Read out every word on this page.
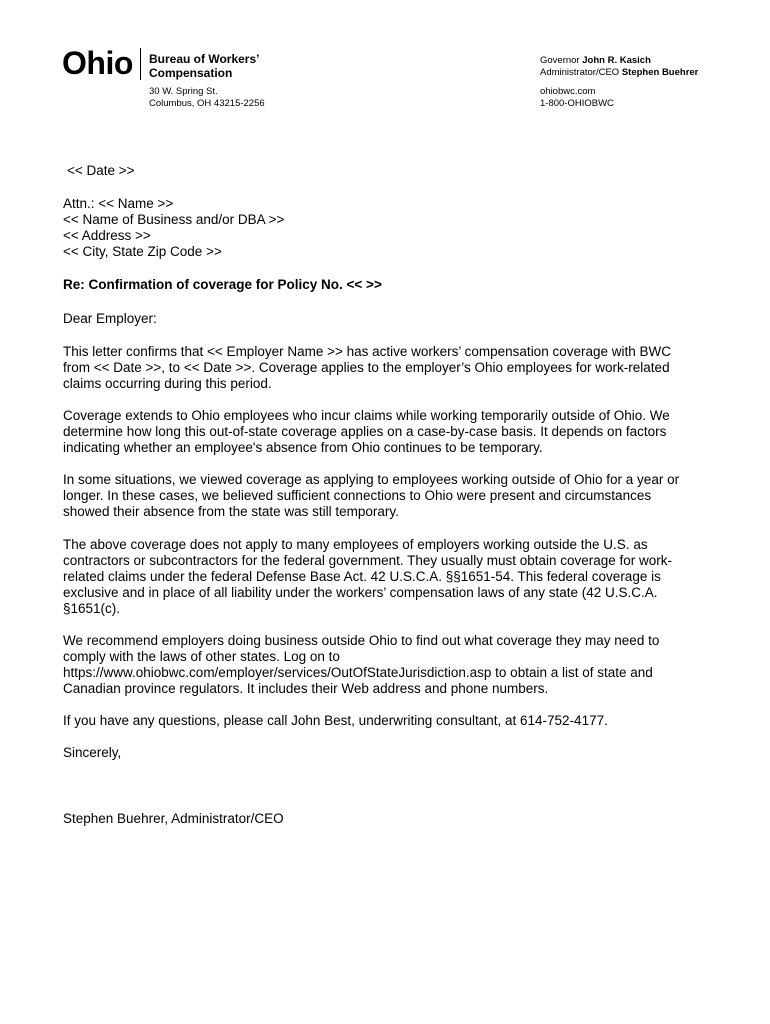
Ohio Bureau of Workers’
Compensation
30 W. Spring St.
Columbus, OH 43215-2256
Governor John R. Kasich
Administrator/CEO Stephen Buehrer
ohiobwc.com
1-800-OHIOBWC

<< Date >>

Attn.: << Name >>

<< Name of Business and/or DBA >>

<< Address >>

<< City, State Zip Code >>

Re: Confirmation of coverage for Policy No. << >>

Dear Employer:

This letter confirms that << Employer Name >> has active workers’ compensation coverage with BWC
from << Date >>, to << Date >>. Coverage applies to the employer’s Ohio employees for work-related
claims occurring during this period.
Coverage extends to Ohio employees who incur claims while working temporarily outside of Ohio. We
determine how long this out-of-state coverage applies on a case-by-case basis. It depends on factors
indicating whether an employee's absence from Ohio continues to be temporary.
In some situations, we viewed coverage as applying to employees working outside of Ohio for a year or
longer. In these cases, we believed sufficient connections to Ohio were present and circumstances
showed their absence from the state was still temporary.
The above coverage does not apply to many employees of employers working outside the U.S. as
contractors or subcontractors for the federal government. They usually must obtain coverage for work-
related claims under the federal Defense Base Act. 42 U.S.C.A. §§1651-54. This federal coverage is
exclusive and in place of all liability under the workers’ compensation laws of any state (42 U.S.C.A.
§1651(c).
We recommend employers doing business outside Ohio to find out what coverage they may need to
comply with the laws of other states. Log on to
https://www.ohiobwc.com/employer/services/OutOfStateJurisdiction.asp to obtain a list of state and
Canadian province regulators. It includes their Web address and phone numbers.

If you have any questions, please call John Best, underwriting consultant, at 614-752-4177.

Sincerely,

Stephen Buehrer, Administrator/CEO
